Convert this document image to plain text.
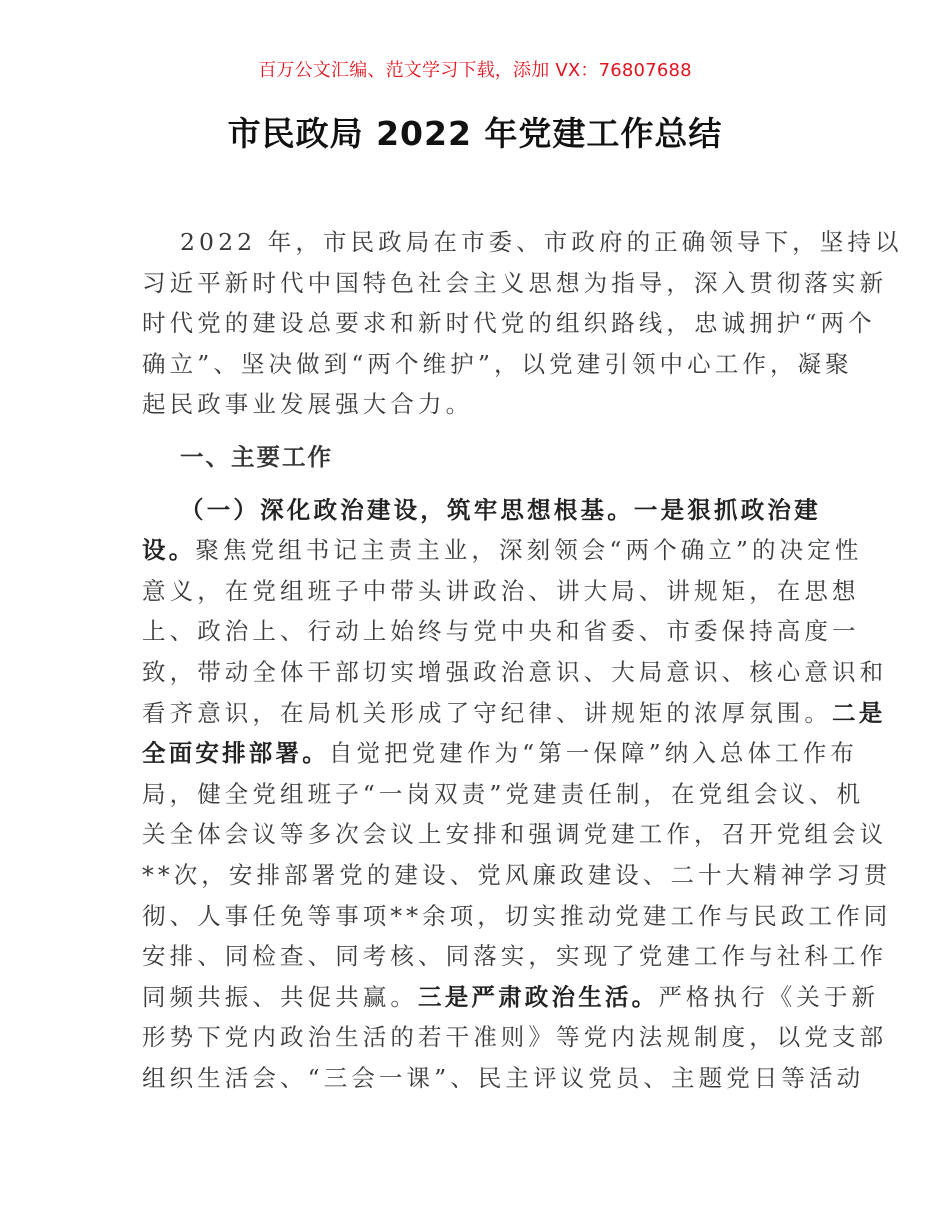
百万公文汇编、范文学习下载，添加 VX：76807688
市民政局 2022 年党建工作总结
2022 年，市民政局在市委、市政府的正确领导下，坚持以
习近平新时代中国特色社会主义思想为指导，深入贯彻落实新
时代党的建设总要求和新时代党的组织路线，忠诚拥护“两个
确立”、坚决做到“两个维护”，以党建引领中心工作，凝聚
起民政事业发展强大合力。
一、主要工作
（一）深化政治建设，筑牢思想根基。一是狠抓政治建
设。聚焦党组书记主责主业，深刻领会“两个确立”的决定性
意义，在党组班子中带头讲政治、讲大局、讲规矩，在思想
上、政治上、行动上始终与党中央和省委、市委保持高度一
致，带动全体干部切实增强政治意识、大局意识、核心意识和
看齐意识，在局机关形成了守纪律、讲规矩的浓厚氛围。二是
全面安排部署。自觉把党建作为“第一保障”纳入总体工作布
局，健全党组班子“一岗双责”党建责任制，在党组会议、机
关全体会议等多次会议上安排和强调党建工作，召开党组会议
**次，安排部署党的建设、党风廉政建设、二十大精神学习贯
彻、人事任免等事项**余项，切实推动党建工作与民政工作同
安排、同检查、同考核、同落实，实现了党建工作与社科工作
同频共振、共促共赢。三是严肃政治生活。严格执行《关于新
形势下党内政治生活的若干准则》等党内法规制度，以党支部
组织生活会、“三会一课”、民主评议党员、主题党日等活动
